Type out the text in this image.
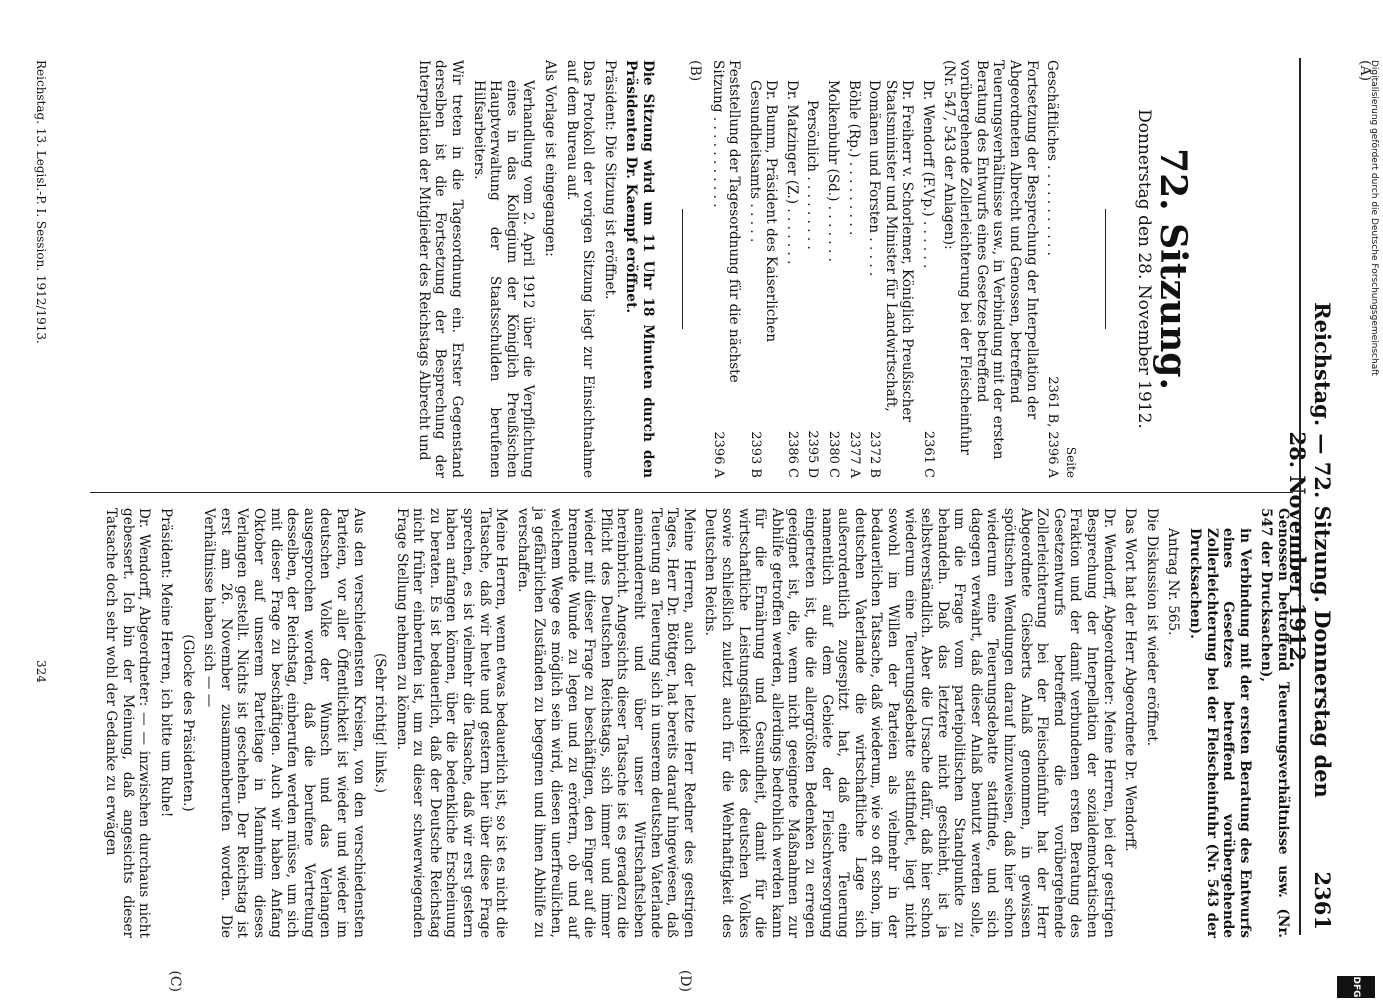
DFG
Reichstag. — 72. Sitzung. Donnerstag den 28. November 1912.
2361
(A)
(B)
(C)	(D)
72. Sitzung.
Donnerstag den 28. November 1912.
Seite
Geschäftliches . . . . . . . . . . .
2361 B, 2396 A
Fortsetzung der Besprechung der Interpellation der Abgeordneten Albrecht und Genossen, betreffend Teuerungsverhältnisse usw., in Verbindung mit der ersten Beratung des Entwurfs eines Gesetzes betreffend vorübergehende Zollerleichterung bei der Fleischeinfuhr (Nr. 547, 543 der Anlagen):
Dr. Wendorff (F.Vp.) . . . . . .
2361 C
Dr. Freiherr v. Schorlemer, Königlich Preußischer Staatsminister und Minister für Landwirtschaft, Domänen und Forsten . . . . .
2372 B
Böhle (Rp.) . . . . . . . . .
2377 A
Molkenbuhr (Sd.) . . . . . . .
2380 C
Persönlich . . . . . . . . .
2395 D
Dr. Matzinger (Z.) . . . . . . .
2386 C
Dr. Bumm, Präsident des Kaiserlichen Gesundheitsamts . . . . .
2393 B
Feststellung der Tagesordnung für die nächste Sitzung . . . . . . . . . . .
2396 A

Die Sitzung wird um 11 Uhr 18 Minuten durch den Präsidenten Dr. Kaempf eröffnet.

Präsident: Die Sitzung ist eröffnet.

Das Protokoll der vorigen Sitzung liegt zur Einsichtnahme auf dem Bureau auf.

Als Vorlage ist eingegangen:

Verhandlung vom 2. April 1912 über die Verpflichtung eines in das Kollegium der Königlich Preußischen Hauptverwaltung der Staatsschulden berufenen Hilfsarbeiters.

Wir treten in die Tagesordnung ein. Erster Gegenstand derselben ist die Fortsetzung der Besprechung der Interpellation der Mitglieder des Reichstags Albrecht und

Genossen betreffend Teuerungsverhältnisse usw. (Nr. 547 der Drucksachen),

in Verbindung mit der ersten Beratung des Entwurfs eines Gesetzes betreffend vorübergehende Zollerleichterung bei der Fleischeinfuhr (Nr. 543 der Drucksachen).

Antrag Nr. 565.

Die Diskussion ist wieder eröffnet.

Das Wort hat der Herr Abgeordnete Dr. Wendorff.

Dr. Wendorff, Abgeordneter: Meine Herren, bei der gestrigen Besprechung der Interpellation der sozialdemokratischen Fraktion und der damit verbundenen ersten Beratung des Gesetzentwurfs betreffend die vorübergehende Zollerleichterung bei der Fleischeinfuhr hat der Herr Abgeordnete Giesberts Anlaß genommen, in gewissen spöttischen Wendungen darauf hinzuweisen, daß hier schon wiederum eine Teuerungsdebatte stattfinde, und sich dagegen verwahrt, daß dieser Anlaß benutzt werden solle, um die Frage vom parteipolitischen Standpunkte zu behandeln. Daß das letztere nicht geschieht, ist ja selbstverständlich. Aber die Ursache dafür, daß hier schon wiederum eine Teuerungsdebatte stattfindet, liegt nicht sowohl im Willen der Parteien als vielmehr in der bedauerlichen Tatsache, daß wiederum, wie so oft schon, im deutschen Vaterlande die wirtschaftliche Lage sich außerordentlich zugespitzt hat, daß eine Teuerung namentlich auf dem Gebiete der Fleischversorgung eingetreten ist, die die allergrößten Bedenken zu erregen geeignet ist, die, wenn nicht geeignete Maßnahmen zur Abhilfe getroffen werden, allerdings bedrohlich werden kann für die Ernährung und Gesundheit, damit für die wirtschaftliche Leistungsfähigkeit des deutschen Volkes sowie schließlich zuletzt auch für die Wehrhaftigkeit des Deutschen Reichs.

Meine Herren, auch der letzte Herr Redner des gestrigen Tages, Herr Dr. Böttger, hat bereits darauf hingewiesen, daß Teuerung an Teuerung sich in unserem deutschen Vaterlande aneinanderreiht und über unser Wirtschaftsleben hereinbricht. Angesichts dieser Tatsache ist es geradezu die Pflicht des Deutschen Reichstags, sich immer und immer wieder mit dieser Frage zu beschäftigen, den Finger auf die brennende Wunde zu legen und zu erörtern, ob und auf welchem Wege es möglich sein wird, diesen unerfreulichen, ja gefährlichen Zuständen zu begegnen und ihnen Abhilfe zu verschaffen.

Meine Herren, wenn etwas bedauerlich ist, so ist es nicht die Tatsache, daß wir heute und gestern hier über diese Frage sprechen, es ist vielmehr die Tatsache, daß wir erst gestern haben anfangen können, über die bedenkliche Erscheinung zu beraten. Es ist bedauerlich, daß der Deutsche Reichstag nicht früher einberufen ist, um zu dieser schwerwiegenden Frage Stellung nehmen zu können.

(Sehr richtig! links.)

Aus den verschiedensten Kreisen, von den verschiedensten Parteien, vor aller Öffentlichkeit ist wieder und wieder im deutschen Volke der Wunsch und das Verlangen ausgesprochen worden, daß die berufene Vertretung desselben, der Reichstag, einberufen werden müsse, um sich mit dieser Frage zu beschäftigen. Auch wir haben Anfang Oktober auf unserem Parteitage in Mannheim dieses Verlangen gestellt. Nichts ist geschehen. Der Reichstag ist erst am 26. November zusammenberufen worden. Die Verhältnisse haben sich — —

(Glocke des Präsidenten.)

Präsident: Meine Herren, ich bitte um Ruhe!

Dr. Wendorff, Abgeordneter: — — inzwischen durchaus nicht gebessert. Ich bin der Meinung, daß angesichts dieser Tatsache doch sehr wohl der Gedanke zu erwägen

Reichstag. 13. Legisl.-P. I. Session. 1912/1913.
324
Digitalisierung gefördert durch die Deutsche Forschungsgemeinschaft
